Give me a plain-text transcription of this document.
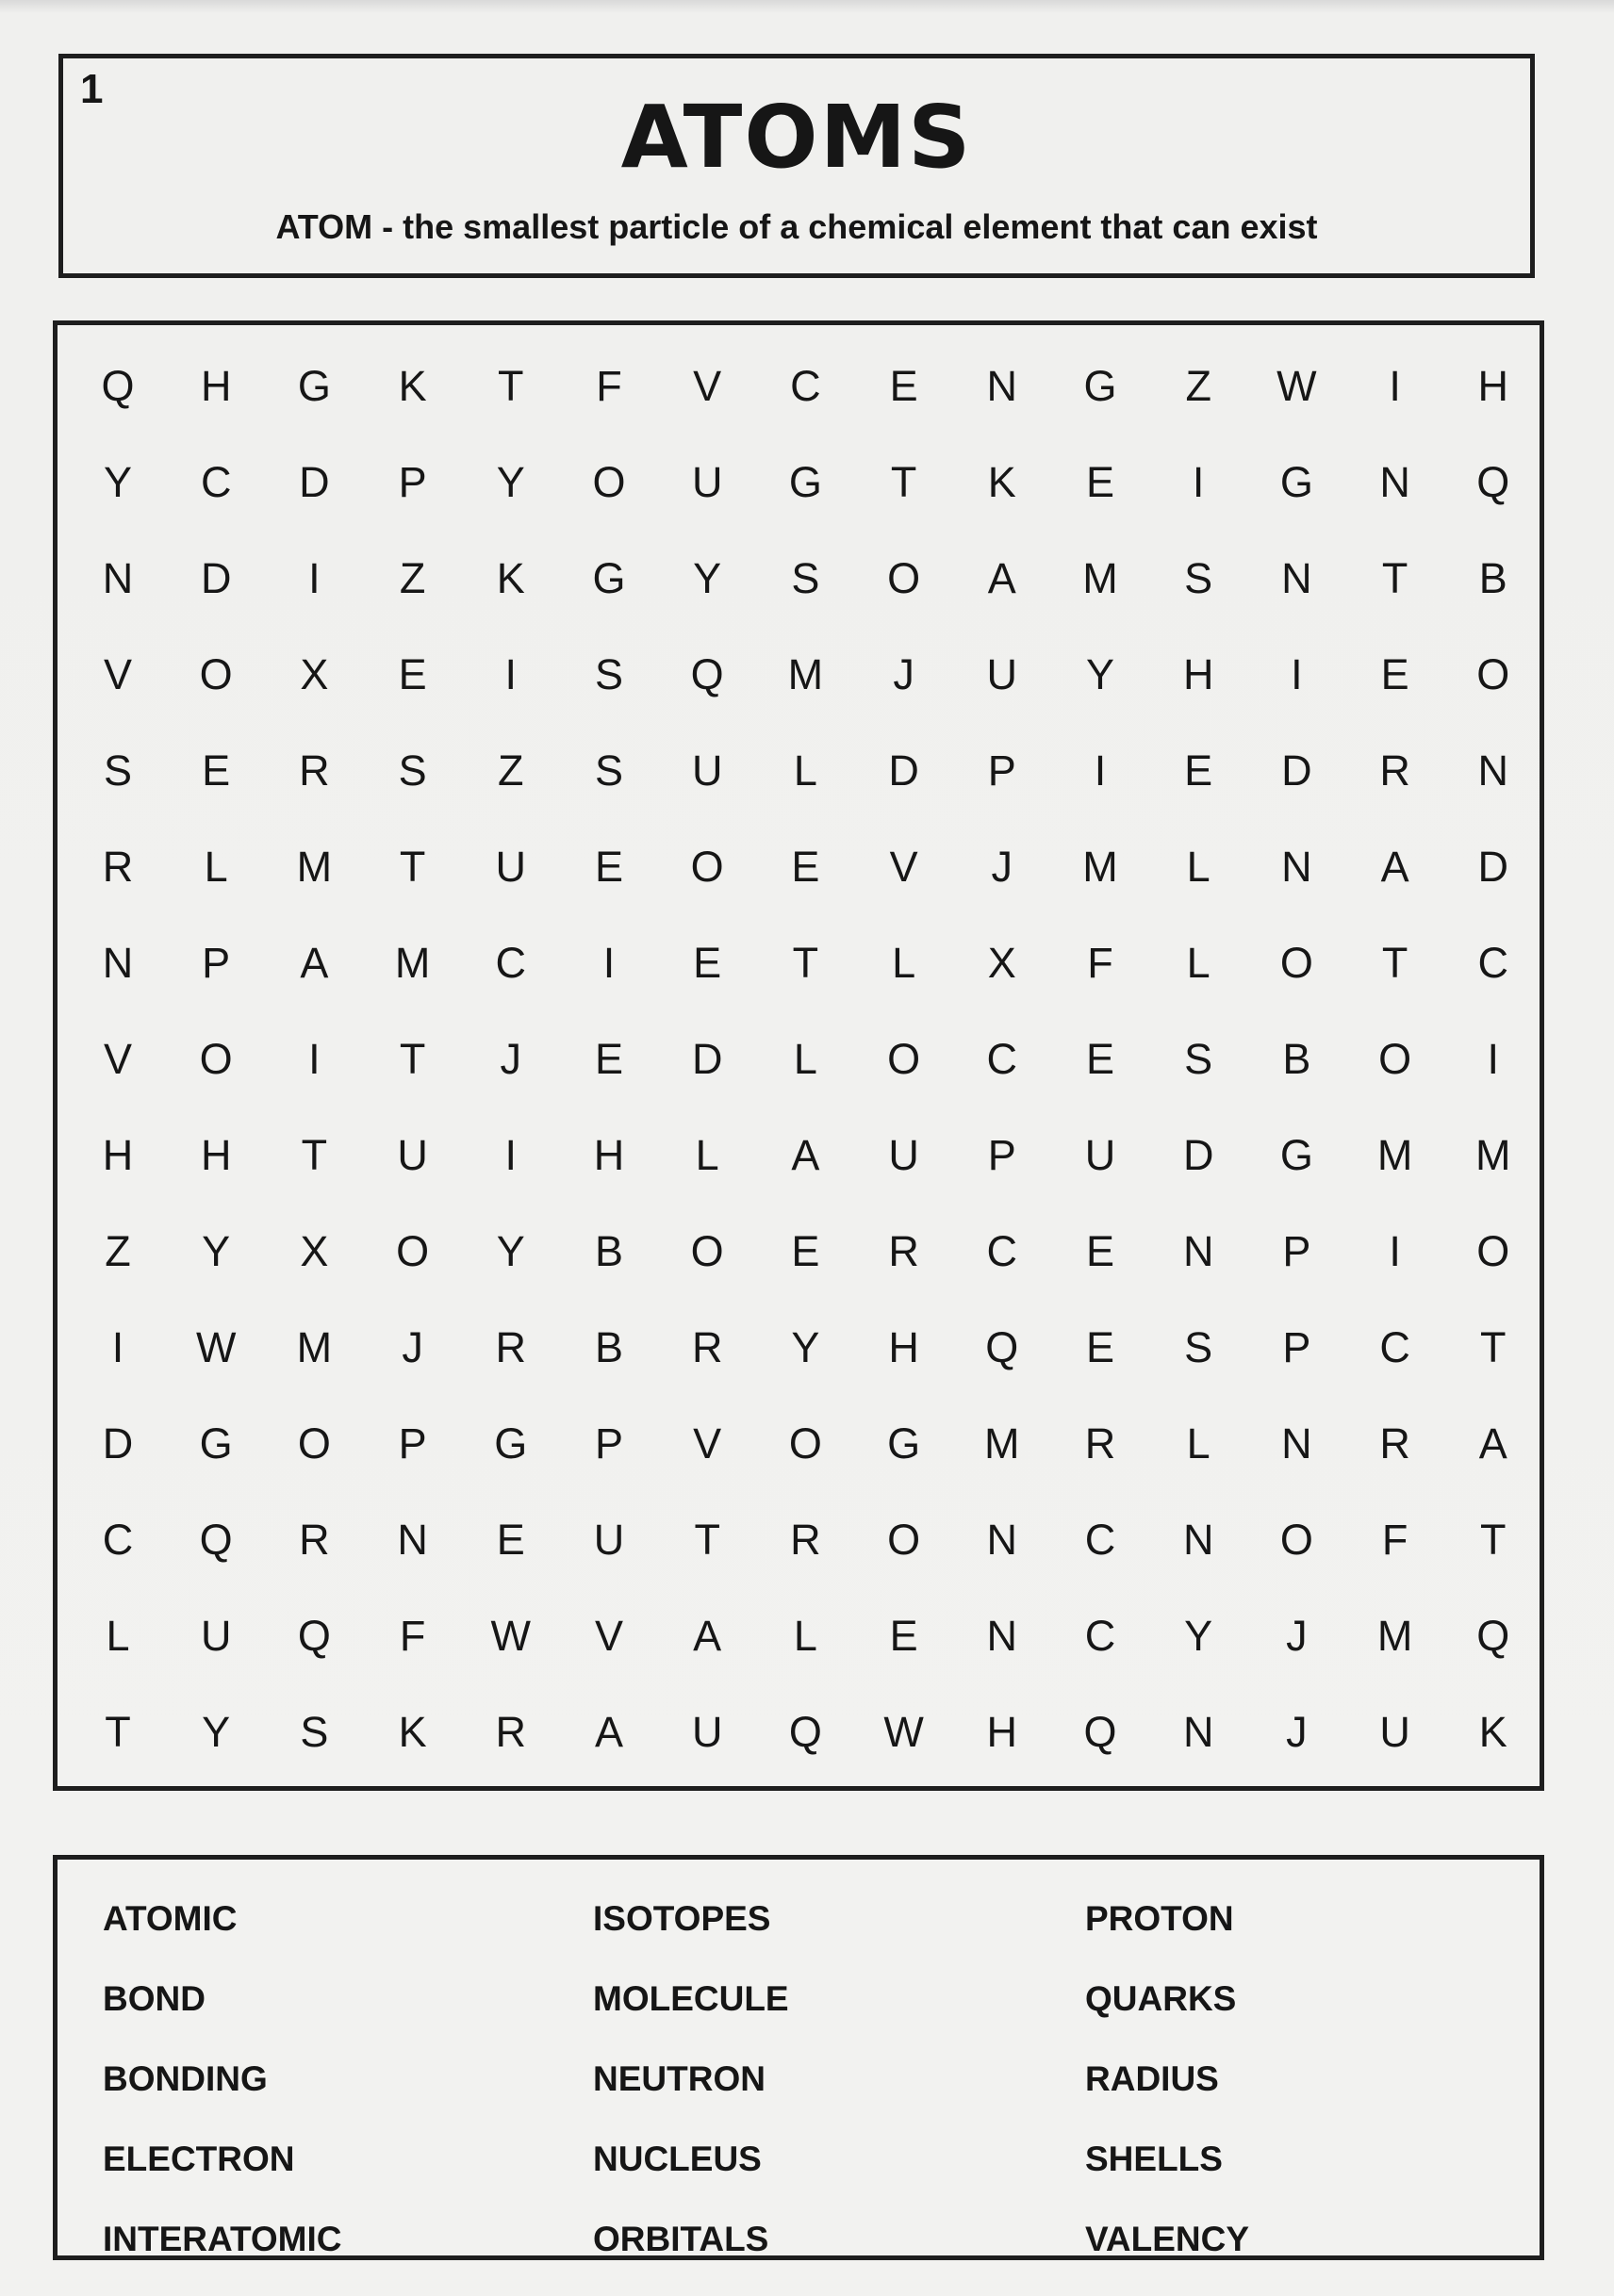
1	ATOMS
ATOM - the smallest particle of a chemical element that can exist
Q	H	G	K	T	F	V	C	E	N	G	Z	W	I	H
Y	C	D	P	Y	O	U	G	T	K	E	I	G	N	Q
N	D	I	Z	K	G	Y	S	O	A	M	S	N	T	B
V	O	X	E	I	S	Q	M	J	U	Y	H	I	E	O
S	E	R	S	Z	S	U	L	D	P	I	E	D	R	N
R	L	M	T	U	E	O	E	V	J	M	L	N	A	D
N	P	A	M	C	I	E	T	L	X	F	L	O	T	C
V	O	I	T	J	E	D	L	O	C	E	S	B	O	I
H	H	T	U	I	H	L	A	U	P	U	D	G	M	M
Z	Y	X	O	Y	B	O	E	R	C	E	N	P	I	O
I	W	M	J	R	B	R	Y	H	Q	E	S	P	C	T
D	G	O	P	G	P	V	O	G	M	R	L	N	R	A
C	Q	R	N	E	U	T	R	O	N	C	N	O	F	T
L	U	Q	F	W	V	A	L	E	N	C	Y	J	M	Q
T	Y	S	K	R	A	U	Q	W	H	Q	N	J	U	K
ATOMIC
BOND
BONDING
ELECTRON
INTERATOMIC
ISOTOPES
MOLECULE
NEUTRON
NUCLEUS
ORBITALS
PROTON
QUARKS
RADIUS
SHELLS
VALENCY
